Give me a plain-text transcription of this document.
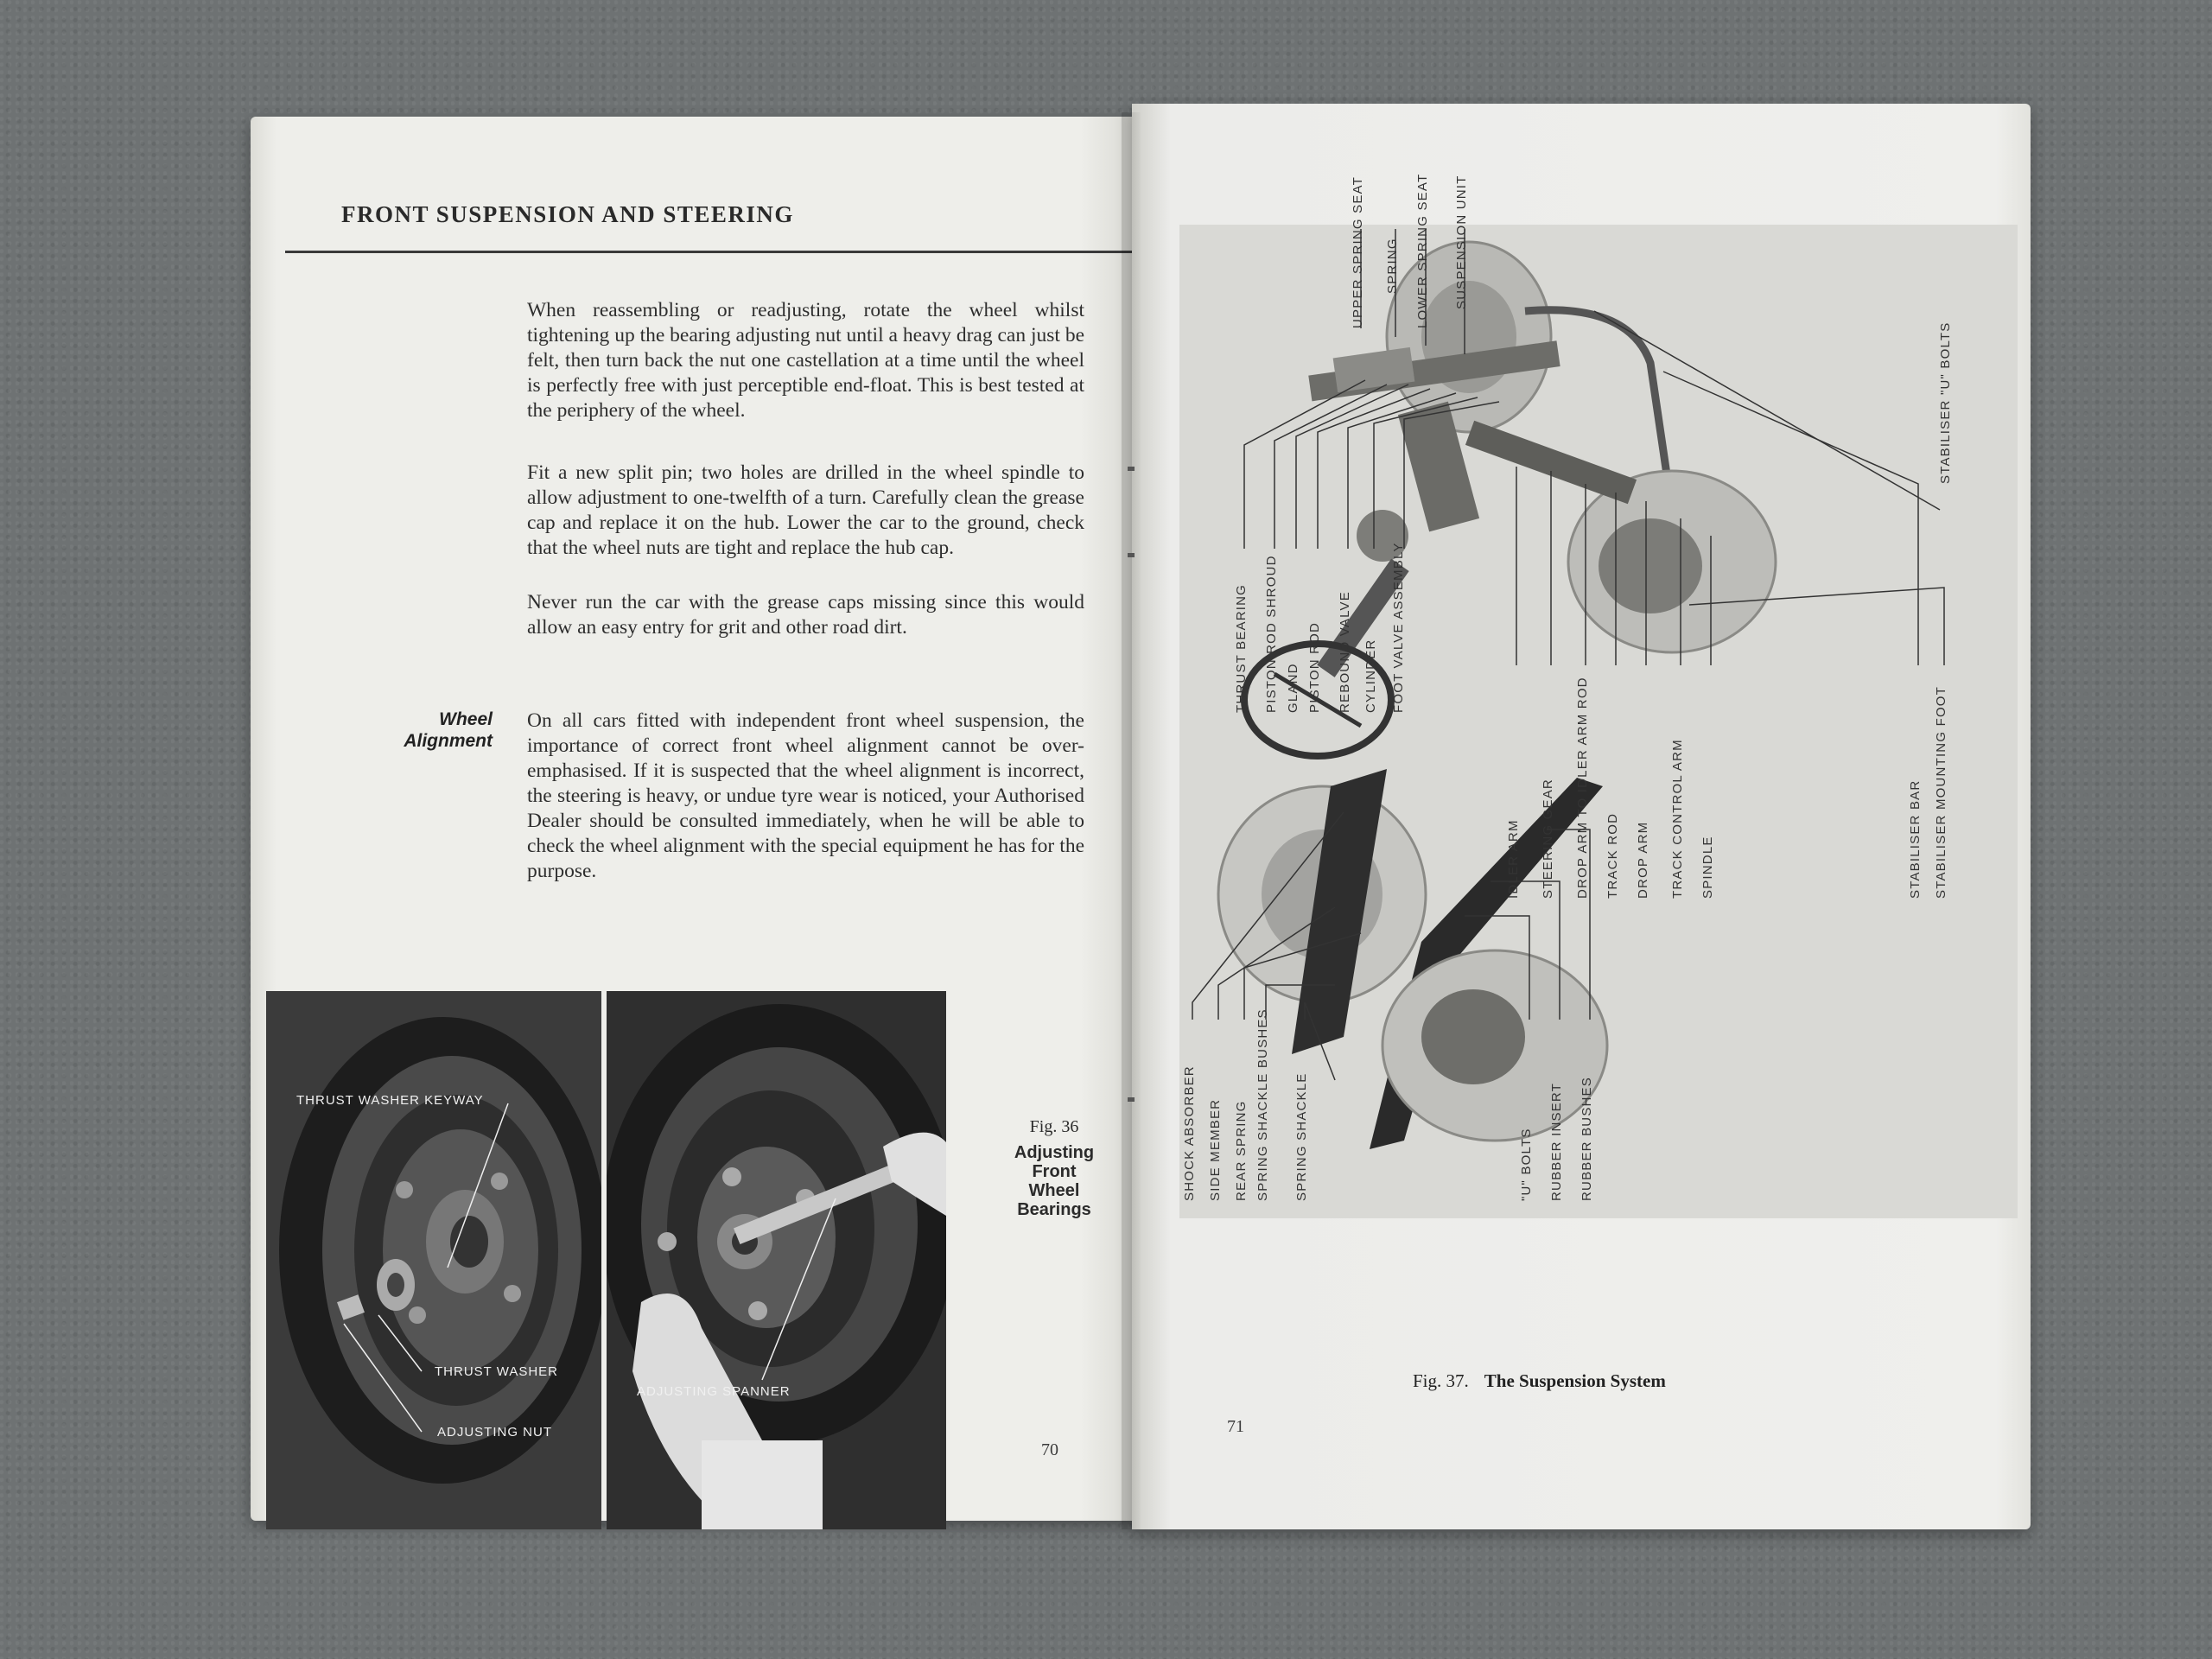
FRONT SUSPENSION AND STEERING
When reassembling or readjusting, rotate the wheel whilst tightening up the bearing adjusting nut until a heavy drag can just be felt, then turn back the nut one castellation at a time until the wheel is perfectly free with just perceptible end-float. This is best tested at the periphery of the wheel.
Fit a new split pin; two holes are drilled in the wheel spindle to allow adjustment to one-twelfth of a turn. Carefully clean the grease cap and replace it on the hub. Lower the car to the ground, check that the wheel nuts are tight and replace the hub cap.
Never run the car with the grease caps missing since this would allow an easy entry for grit and other road dirt.
Wheel
Alignment
On all cars fitted with independent front wheel suspension, the importance of correct front wheel alignment cannot be over-emphasised. If it is suspected that the wheel alignment is incorrect, the steering is heavy, or undue tyre wear is noticed, your Authorised Dealer should be consulted immediately, when he will be able to check the wheel alignment with the special equipment he has for the purpose.
THRUST WASHER KEYWAY
THRUST WASHER
ADJUSTING NUT
ADJUSTING SPANNER
Fig. 36
Adjusting
Front
Wheel
Bearings
70
71
UPPER SPRING SEAT SPRING LOWER SPRING SEAT SUSPENSION UNIT
STABILISER "U" BOLTS
THRUST BEARING PISTON ROD SHROUD GLAND PISTON ROD REBOUND VALVE CYLINDER FOOT VALVE ASSEMBLY
IDLER ARM STEERING GEAR DROP ARM TO IDLER ARM ROD TRACK ROD DROP ARM TRACK CONTROL ARM SPINDLE	STABILISER BAR STABILISER MOUNTING FOOT
SHOCK ABSORBER SIDE MEMBER REAR SPRING SPRING SHACKLE BUSHES SPRING SHACKLE	"U" BOLTS RUBBER INSERT RUBBER BUSHES
Fig. 37. The Suspension System
